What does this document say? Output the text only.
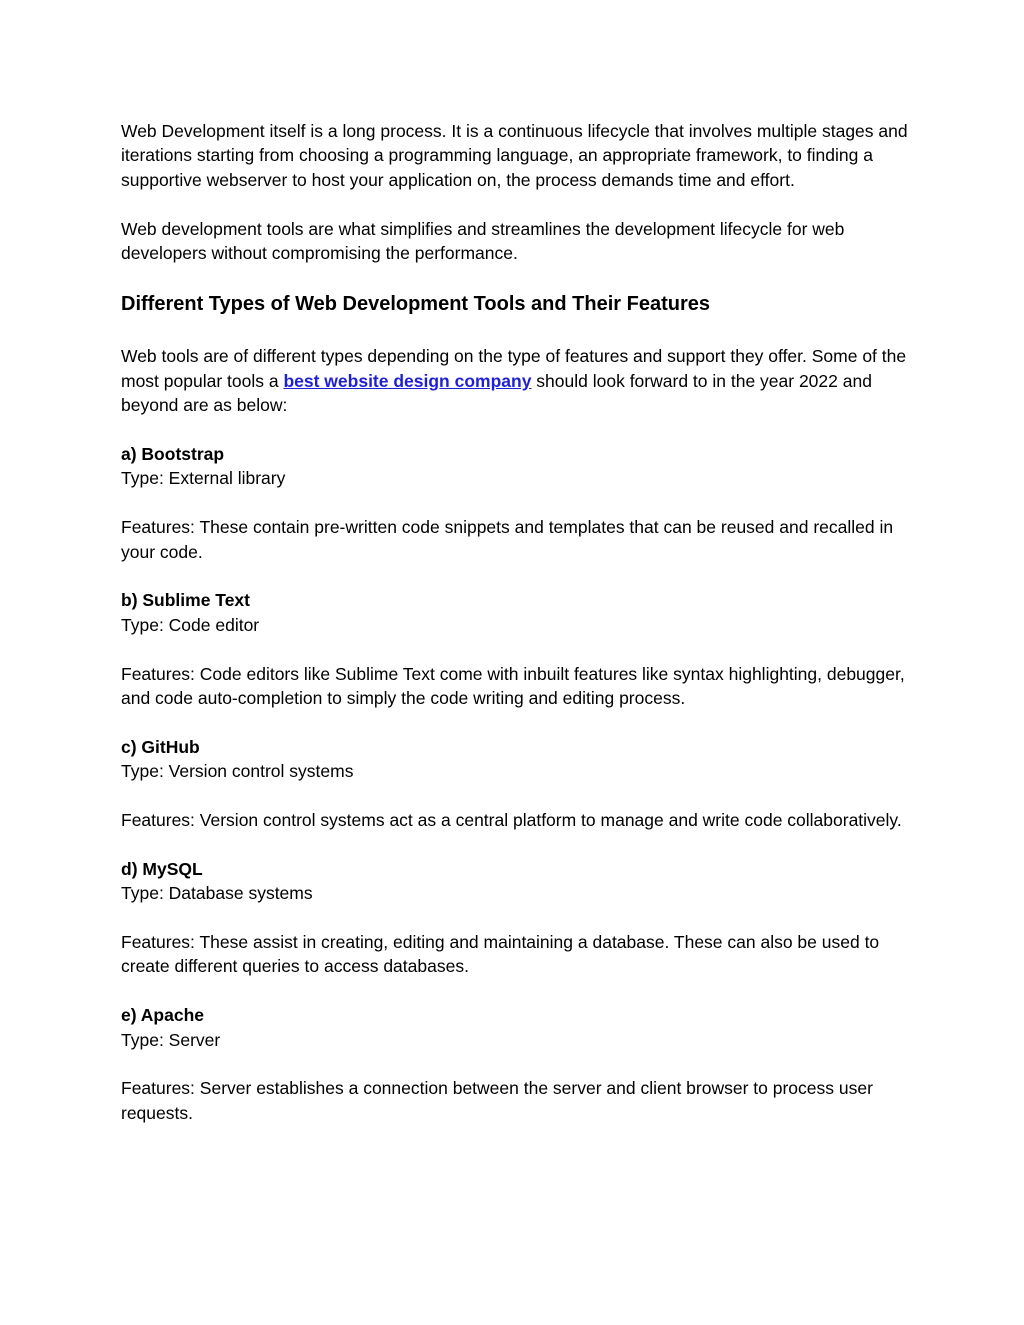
Web Development itself is a long process. It is a continuous lifecycle that involves multiple stages and iterations starting from choosing a programming language, an appropriate framework, to finding a supportive webserver to host your application on, the process demands time and effort.

Web development tools are what simplifies and streamlines the development lifecycle for web developers without compromising the performance.

Different Types of Web Development Tools and Their Features

Web tools are of different types depending on the type of features and support they offer. Some of the most popular tools a best website design company should look forward to in the year 2022 and beyond are as below:

a) Bootstrap

Type: External library

Features: These contain pre-written code snippets and templates that can be reused and recalled in your code.

b) Sublime Text

Type: Code editor

Features: Code editors like Sublime Text come with inbuilt features like syntax highlighting, debugger, and code auto-completion to simply the code writing and editing process.

c) GitHub

Type: Version control systems

Features: Version control systems act as a central platform to manage and write code collaboratively.

d) MySQL

Type: Database systems

Features: These assist in creating, editing and maintaining a database. These can also be used to create different queries to access databases.

e) Apache

Type: Server

Features: Server establishes a connection between the server and client browser to process user requests.
